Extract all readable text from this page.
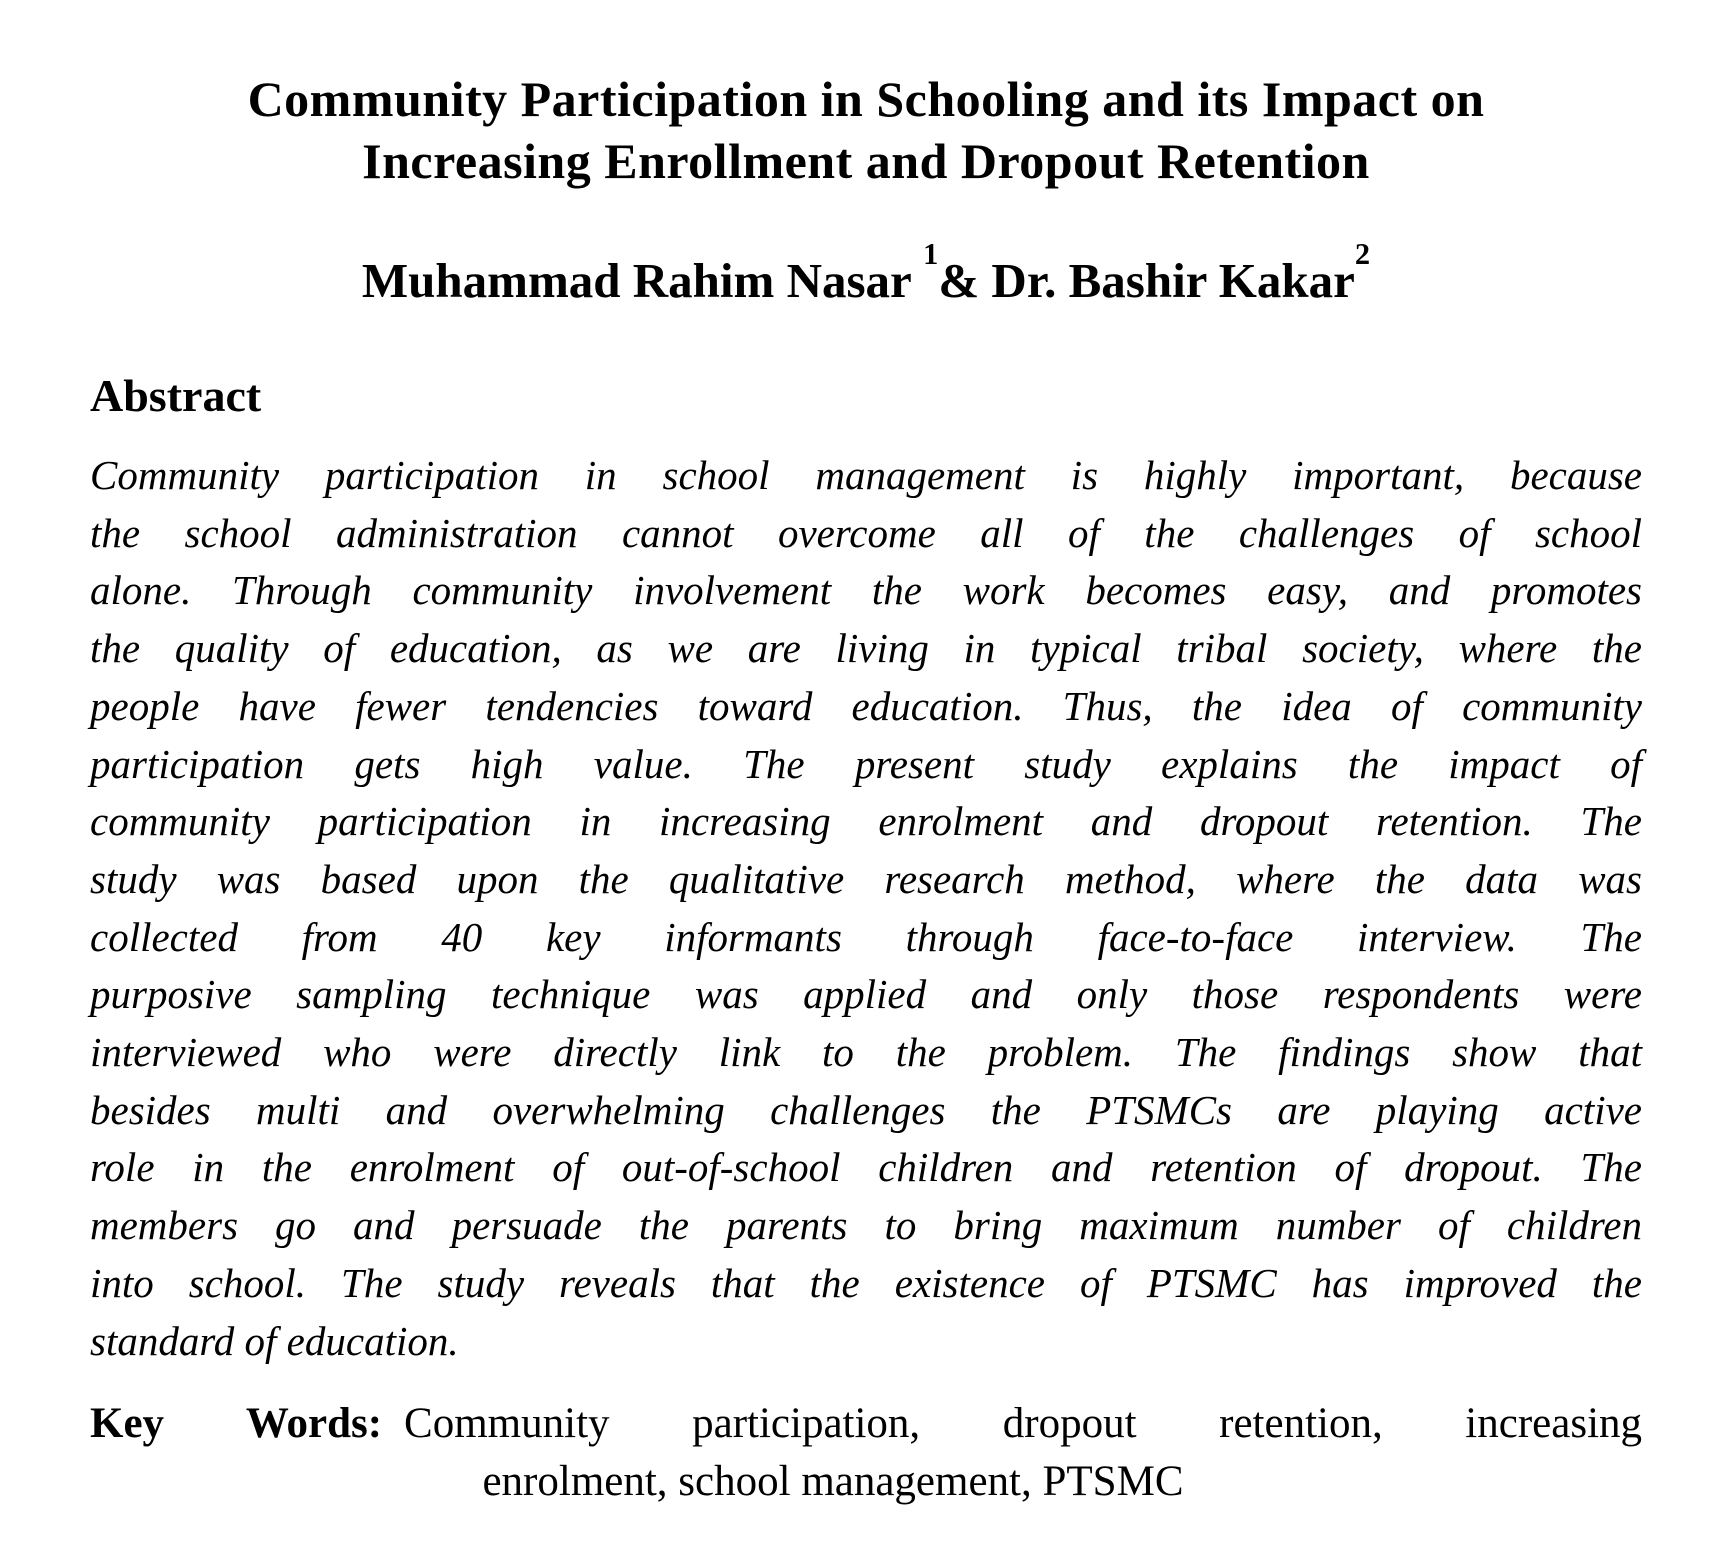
Community Participation in Schooling and its Impact on
Increasing Enrollment and Dropout Retention
Muhammad Rahim Nasar $^1$& Dr. Bashir Kakar$^2$
Abstract
Community participation in school management is highly important, because
the school administration cannot overcome all of the challenges of school
alone. Through community involvement the work becomes easy, and promotes
the quality of education, as we are living in typical tribal society, where the
people have fewer tendencies toward education. Thus, the idea of community
participation gets high value. The present study explains the impact of
community participation in increasing enrolment and dropout retention. The
study was based upon the qualitative research method, where the data was
collected from 40 key informants through face-to-face interview. The
purposive sampling technique was applied and only those respondents were
interviewed who were directly link to the problem. The findings show that
besides multi and overwhelming challenges the PTSMCs are playing active
role in the enrolment of out-of-school children and retention of dropout. The
members go and persuade the parents to bring maximum number of children
into school. The study reveals that the existence of PTSMC has improved the
standard of education.
Key Words: Community participation, dropout retention, increasing
enrolment, school management, PTSMC
